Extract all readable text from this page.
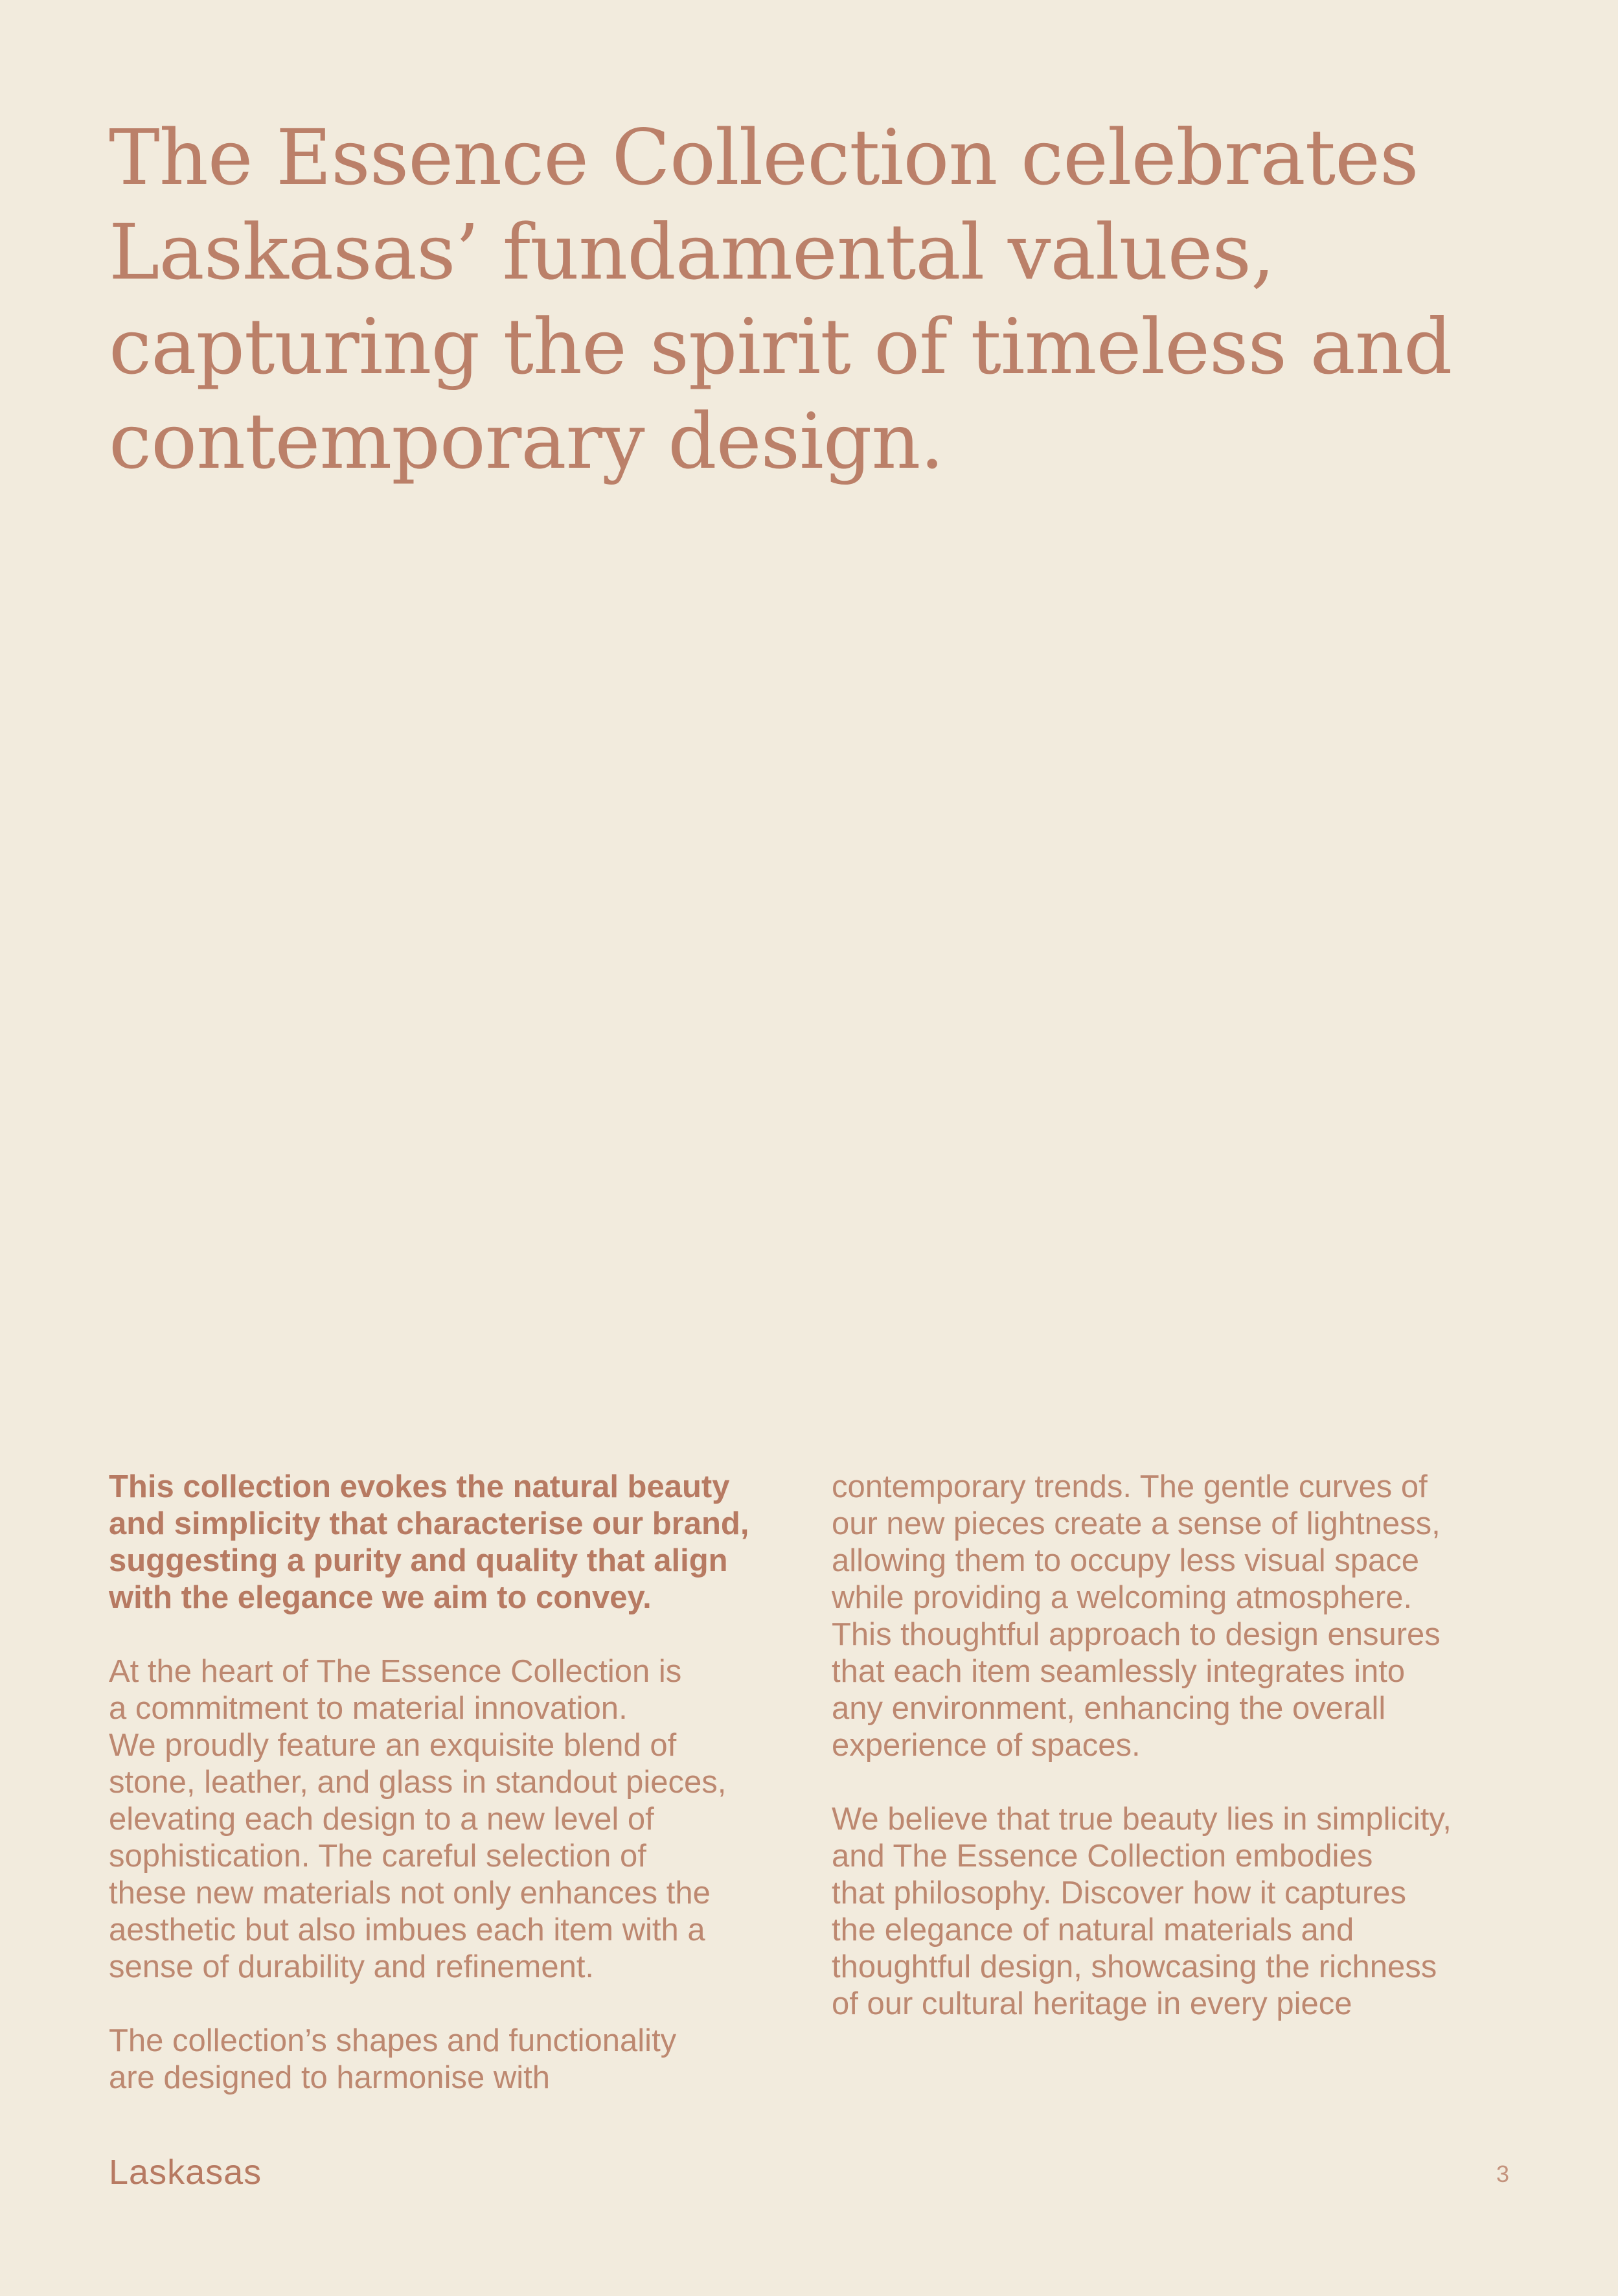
The Essence Collection celebrates
Laskasas’ fundamental values,
capturing the spirit of timeless and
contemporary design.

This collection evokes the natural beauty
and simplicity that characterise our brand,
suggesting a purity and quality that align
with the elegance we aim to convey.

At the heart of The Essence Collection is
a commitment to material innovation.
We proudly feature an exquisite blend of
stone, leather, and glass in standout pieces,
elevating each design to a new level of
sophistication. The careful selection of
these new materials not only enhances the
aesthetic but also imbues each item with a
sense of durability and refinement.

The collection’s shapes and functionality
are designed to harmonise with

contemporary trends. The gentle curves of
our new pieces create a sense of lightness,
allowing them to occupy less visual space
while providing a welcoming atmosphere.
This thoughtful approach to design ensures
that each item seamlessly integrates into
any environment, enhancing the overall
experience of spaces.

We believe that true beauty lies in simplicity,
and The Essence Collection embodies
that philosophy. Discover how it captures
the elegance of natural materials and
thoughtful design, showcasing the richness
of our cultural heritage in every piece

Laskasas	3
